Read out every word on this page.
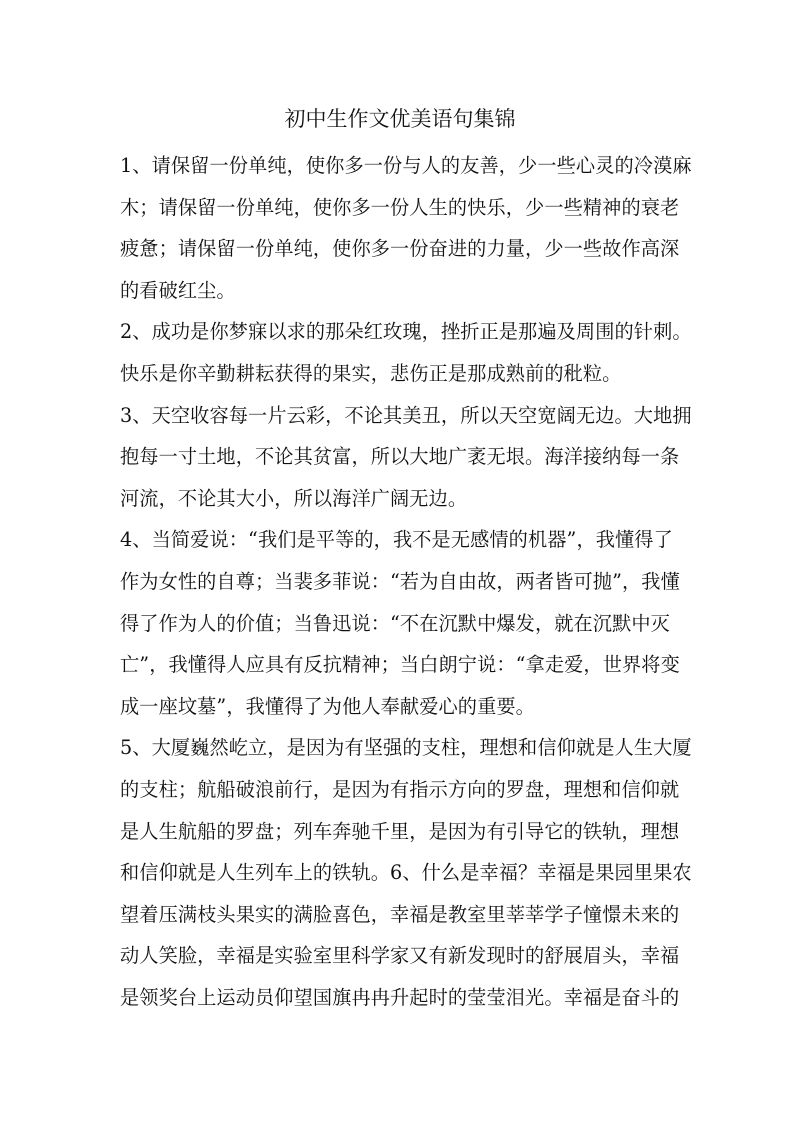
初中生作文优美语句集锦
1、请保留一份单纯，使你多一份与人的友善，少一些心灵的冷漠麻
木；请保留一份单纯，使你多一份人生的快乐，少一些精神的衰老
疲惫；请保留一份单纯，使你多一份奋进的力量，少一些故作高深
的看破红尘。
2、成功是你梦寐以求的那朵红玫瑰，挫折正是那遍及周围的针刺。
快乐是你辛勤耕耘获得的果实，悲伤正是那成熟前的秕粒。
3、天空收容每一片云彩，不论其美丑，所以天空宽阔无边。大地拥
抱每一寸土地，不论其贫富，所以大地广袤无垠。海洋接纳每一条
河流，不论其大小，所以海洋广阔无边。
4、当简爱说：“我们是平等的，我不是无感情的机器”，我懂得了
作为女性的自尊；当裴多菲说：“若为自由故，两者皆可抛”，我懂
得了作为人的价值；当鲁迅说：“不在沉默中爆发，就在沉默中灭
亡”，我懂得人应具有反抗精神；当白朗宁说：“拿走爱，世界将变
成一座坟墓”，我懂得了为他人奉献爱心的重要。
5、大厦巍然屹立，是因为有坚强的支柱，理想和信仰就是人生大厦
的支柱；航船破浪前行，是因为有指示方向的罗盘，理想和信仰就
是人生航船的罗盘；列车奔驰千里，是因为有引导它的铁轨，理想
和信仰就是人生列车上的铁轨。6、什么是幸福？幸福是果园里果农
望着压满枝头果实的满脸喜色，幸福是教室里莘莘学子憧憬未来的
动人笑脸，幸福是实验室里科学家又有新发现时的舒展眉头，幸福
是领奖台上运动员仰望国旗冉冉升起时的莹莹泪光。幸福是奋斗的
